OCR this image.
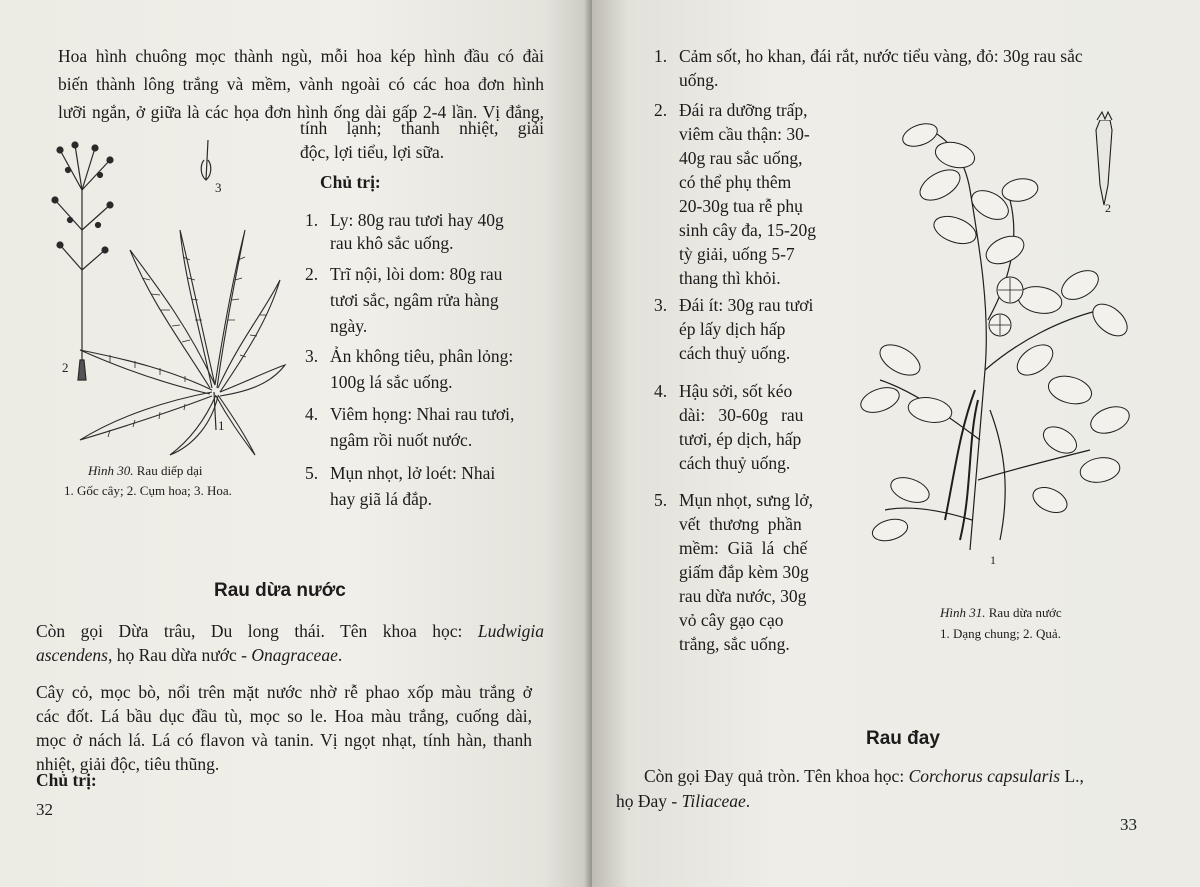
Hoa hình chuông mọc thành ngù, mỗi hoa kép hình đầu có đài
biến thành lông trắng và mềm, vành ngoài có các hoa đơn hình
lưỡi ngắn, ở giữa là các họa đơn hình ống dài gấp 2-4 lần. Vị đắng,
tính lạnh; thanh nhiệt, giải
độc, lợi tiểu, lợi sữa.
Chủ trị:
1. Ly: 80g rau tươi hay 40g
rau khô sắc uống.
2. Trĩ nội, lòi dom: 80g rau
tươi sắc, ngâm rửa hàng
ngày.
3. Ản không tiêu, phân lỏng:
100g lá sắc uống.
4. Viêm họng: Nhai rau tươi,
ngâm rồi nuốt nước.
5. Mụn nhọt, lở loét: Nhai
hay giã lá đắp.
3
2
1
Hình 30. Rau diếp dại
1. Gốc cây; 2. Cụm hoa; 3. Hoa.
Rau dừa nước
Còn gọi Dừa trâu, Du long thái. Tên khoa học: Ludwigia
ascendens, họ Rau dừa nước - Onagraceae.
Cây cỏ, mọc bò, nổi trên mặt nước nhờ rễ phao xốp màu trắng ở
các đốt. Lá bầu dục đầu tù, mọc so le. Hoa màu trắng, cuống dài,
mọc ở nách lá. Lá có flavon và tanin. Vị ngọt nhạt, tính hàn, thanh
nhiệt, giải độc, tiêu thũng.
Chủ trị:
32
1. Cảm sốt, ho khan, đái rắt, nước tiểu vàng, đỏ: 30g rau sắc
uống.
2. Đái ra dưỡng trấp,
viêm cầu thận: 30-
40g rau sắc uống,
có thể phụ thêm
20-30g tua rễ phụ
sinh cây đa, 15-20g
tỳ giải, uống 5-7
thang thì khỏi.
3. Đái ít: 30g rau tươi
ép lấy dịch hấp
cách thuỷ uống.
4. Hậu sởi, sốt kéo
dài:   30-60g   rau
tươi, ép dịch, hấp
cách thuỷ uống.
5. Mụn nhọt, sưng lở,
vết  thương  phần
mềm:  Giã  lá  chế
giấm đắp kèm 30g
rau dừa nước, 30g
vỏ cây gạo cạo
trắng, sắc uống.
2
1
Hình 31. Rau dừa nước
1. Dạng chung; 2. Quả.
Rau đay
Còn gọi Đay quả tròn. Tên khoa học: Corchorus capsularis L.,
họ Đay - Tiliaceae.
33
